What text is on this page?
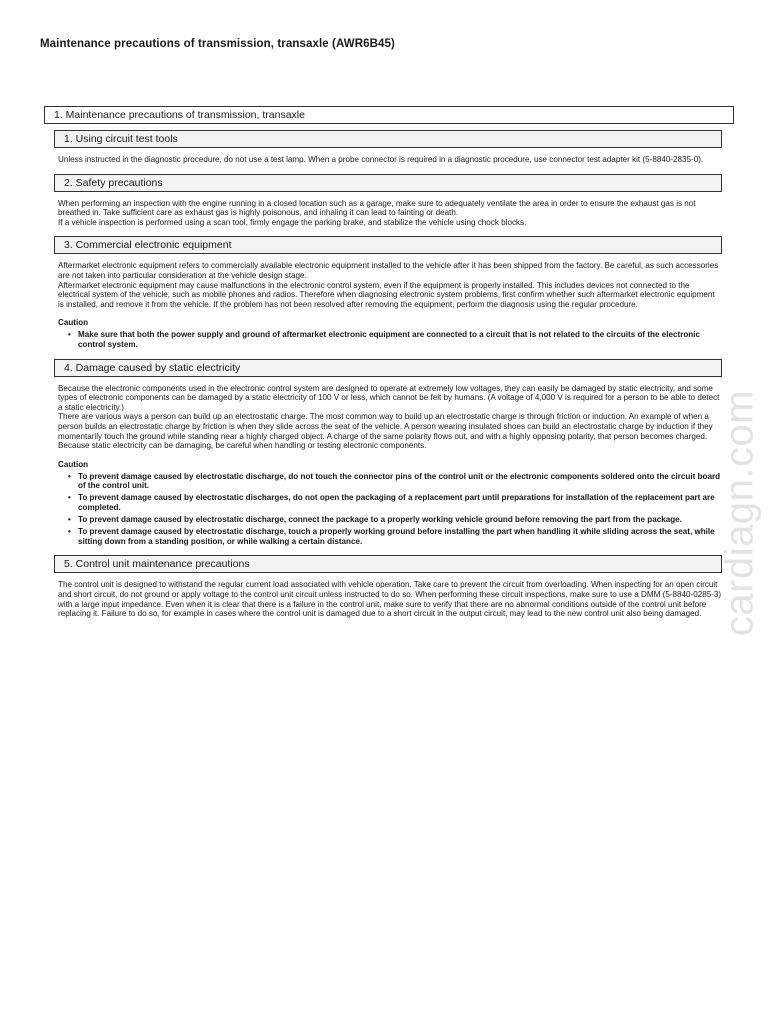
Maintenance precautions of transmission, transaxle (AWR6B45)
1. Maintenance precautions of transmission, transaxle
1. Using circuit test tools

Unless instructed in the diagnostic procedure, do not use a test lamp. When a probe connector is required in a diagnostic procedure, use connector test adapter kit (5-8840-2835-0).

2. Safety precautions

When performing an inspection with the engine running in a closed location such as a garage, make sure to adequately ventilate the area in order to ensure the exhaust gas is not breathed in. Take sufficient care as exhaust gas is highly poisonous, and inhaling it can lead to fainting or death.

If a vehicle inspection is performed using a scan tool, firmly engage the parking brake, and stabilize the vehicle using chock blocks.

3. Commercial electronic equipment

Aftermarket electronic equipment refers to commercially available electronic equipment installed to the vehicle after it has been shipped from the factory. Be careful, as such accessories are not taken into particular consideration at the vehicle design stage.

Aftermarket electronic equipment may cause malfunctions in the electronic control system, even if the equipment is properly installed. This includes devices not connected to the electrical system of the vehicle, such as mobile phones and radios. Therefore when diagnosing electronic system problems, first confirm whether such aftermarket electronic equipment is installed, and remove it from the vehicle. If the problem has not been resolved after removing the equipment, perform the diagnosis using the regular procedure.

Caution
• Make sure that both the power supply and ground of aftermarket electronic equipment are connected to a circuit that is not related to the circuits of the electronic control system.
4. Damage caused by static electricity

Because the electronic components used in the electronic control system are designed to operate at extremely low voltages, they can easily be damaged by static electricity, and some types of electronic components can be damaged by a static electricity of 100 V or less, which cannot be felt by humans. (A voltage of 4,000 V is required for a person to be able to detect a static electricity.)

There are various ways a person can build up an electrostatic charge. The most common way to build up an electrostatic charge is through friction or induction. An example of when a person builds an electrostatic charge by friction is when they slide across the seat of the vehicle. A person wearing insulated shoes can build an electrostatic charge by induction if they momentarily touch the ground while standing near a highly charged object. A charge of the same polarity flows out, and with a highly opposing polarity, that person becomes charged. Because static electricity can be damaging, be careful when handling or testing electronic components.

Caution
• To prevent damage caused by electrostatic discharge, do not touch the connector pins of the control unit or the electronic components soldered onto the circuit board of the control unit.
• To prevent damage caused by electrostatic discharges, do not open the packaging of a replacement part until preparations for installation of the replacement part are completed.
• To prevent damage caused by electrostatic discharge, connect the package to a properly working vehicle ground before removing the part from the package.
• To prevent damage caused by electrostatic discharge, touch a properly working ground before installing the part when handling it while sliding across the seat, while sitting down from a standing position, or while walking a certain distance.
5. Control unit maintenance precautions

The control unit is designed to withstand the regular current load associated with vehicle operation. Take care to prevent the circuit from overloading. When inspecting for an open circuit and short circuit, do not ground or apply voltage to the control unit circuit unless instructed to do so. When performing these circuit inspections, make sure to use a DMM (5-8840-0285-3) with a large input impedance. Even when it is clear that there is a failure in the control unit, make sure to verify that there are no abnormal conditions outside of the control unit before replacing it. Failure to do so, for example in cases where the control unit is damaged due to a short circuit in the output circuit, may lead to the new control unit also being damaged. cardiagn.com
